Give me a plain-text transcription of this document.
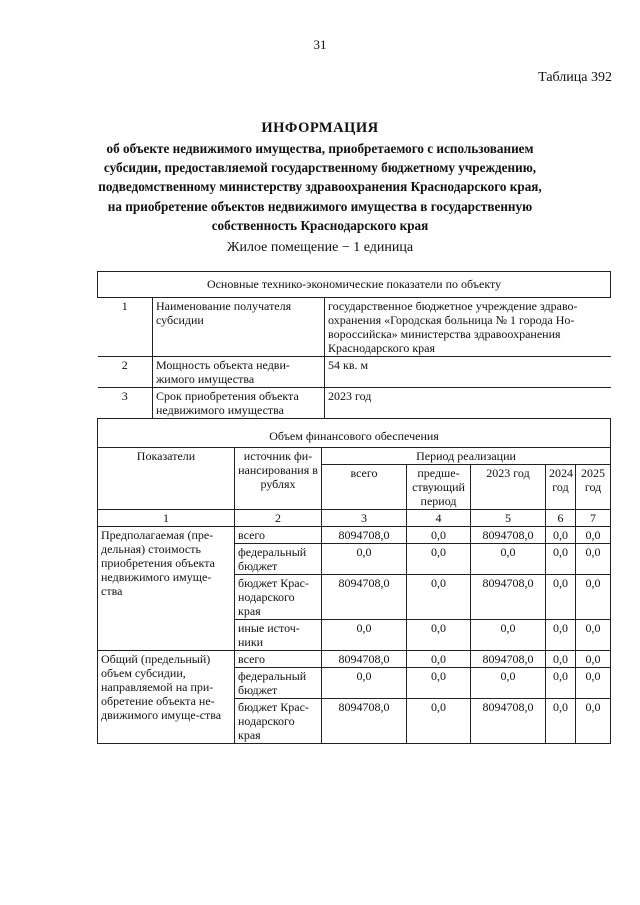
31
Таблица 392
ИНФОРМАЦИЯ
об объекте недвижимого имущества, приобретаемого с использованием
субсидии, предоставляемой государственному бюджетному учреждению,
подведомственному министерству здравоохранения Краснодарского края,
на приобретение объектов недвижимого имущества в государственную
собственность Краснодарского края
Жилое помещение − 1 единица
Основные технико-экономические показатели по объекту

1	Наименование получателя субсидии	государственное бюджетное учреждение здраво-охранения «Городская больница № 1 города Но-вороссийска» министерства здравоохранения Краснодарского края
2	Мощность объекта недви-жимого имущества	54 кв. м
3	Срок приобретения объекта недвижимого имущества	2023 год

Объем финансового обеспечения
Показатели	источник фи-нансирования в рублях	Период реализации
всего	предше-ствующий период	2023 год	2024 год	2025 год
1	2	3	4	5	6	7
Предполагаемая (пре-дельная) стоимость приобретения объекта недвижимого имуще-ства	всего	8094708,0	0,0	8094708,0	0,0	0,0
федеральный бюджет	0,0	0,0	0,0	0,0	0,0
бюджет Крас-нодарского края	8094708,0	0,0	8094708,0	0,0	0,0
иные источ-ники	0,0	0,0	0,0	0,0	0,0
Общий (предельный) объем субсидии, направляемой на при-обретение объекта не-движимого имуще-ства	всего	8094708,0	0,0	8094708,0	0,0	0,0
федеральный бюджет	0,0	0,0	0,0	0,0	0,0
бюджет Крас-нодарского края	8094708,0	0,0	8094708,0	0,0	0,0
